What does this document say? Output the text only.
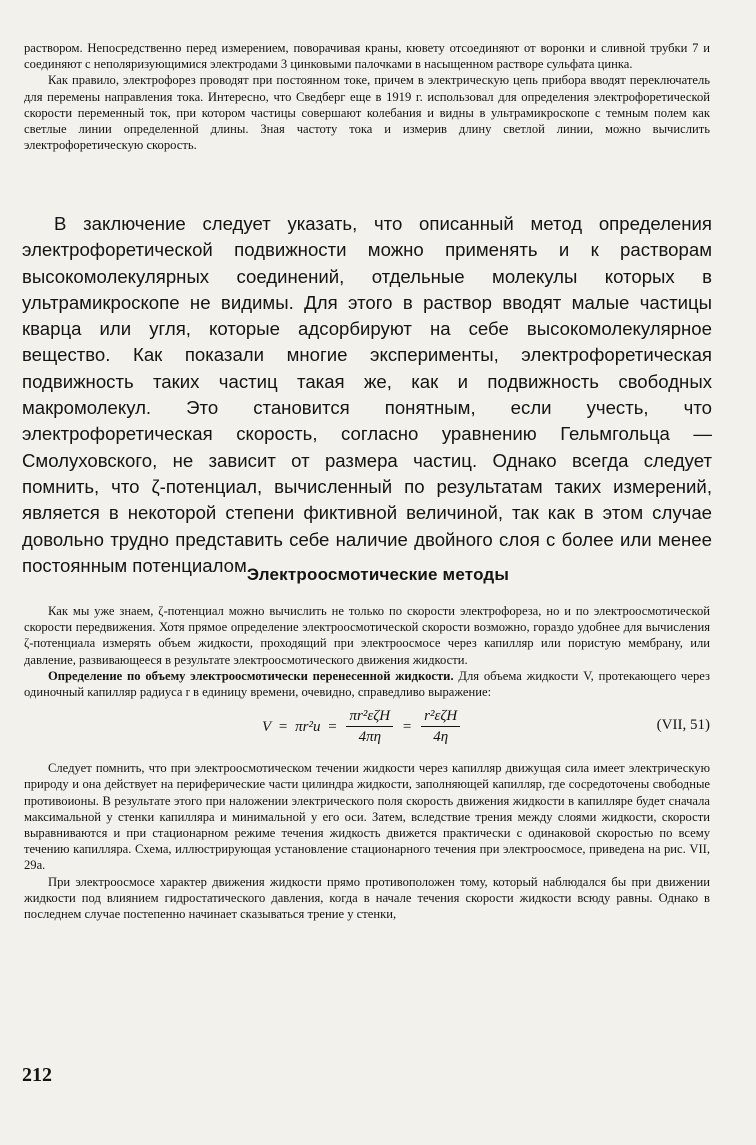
раствором. Непосредственно перед измерением, поворачивая краны, кювету отсоединяют от воронки и сливной трубки 7 и соединяют с неполяризующимися электродами 3 цинковыми палочками в насыщенном растворе сульфата цинка.

Как правило, электрофорез проводят при постоянном токе, причем в электрическую цепь прибора вводят переключатель для перемены направления тока. Интересно, что Сведберг еще в 1919 г. использовал для определения электрофоретической скорости переменный ток, при котором частицы совершают колебания и видны в ультрамикроскопе с темным полем как светлые линии определенной длины. Зная частоту тока и измерив длину светлой линии, можно вычислить электрофоретическую скорость.

В заключение следует указать, что описанный метод определения электрофоретической подвижности можно применять и к растворам высокомолекулярных соединений, отдельные молекулы которых в ультрамикроскопе не видимы. Для этого в раствор вводят малые частицы кварца или угля, которые адсорбируют на себе высокомолекулярное вещество. Как показали многие эксперименты, электрофоретическая подвижность таких частиц такая же, как и подвижность свободных макромолекул. Это становится понятным, если учесть, что электрофоретическая скорость, согласно уравнению Гельмгольца — Смолуховского, не зависит от размера частиц. Однако всегда следует помнить, что ζ-потенциал, вычисленный по результатам таких измерений, является в некоторой степени фиктивной величиной, так как в этом случае довольно трудно представить себе наличие двойного слоя с более или менее постоянным потенциалом.

Электроосмотические методы

Как мы уже знаем, ζ-потенциал можно вычислить не только по скорости электрофореза, но и по электроосмотической скорости передвижения. Хотя прямое определение электроосмотической скорости возможно, гораздо удобнее для вычисления ζ-потенциала измерять объем жидкости, проходящий при электроосмосе через капилляр или пористую мембрану, или давление, развивающееся в результате электроосмотического движения жидкости.

Определение по объему электроосмотически перенесенной жидкости. Для объема жидкости V, протекающего через одиночный капилляр радиуса r в единицу времени, очевидно, справедливо выражение:

$V = \pi r^2u = \frac{\text{πr²εζH}}{4\pi\eta} = \frac{\text{r²εζH}}{4\eta}$	(VII, 51)

Следует помнить, что при электроосмотическом течении жидкости через капилляр движущая сила имеет электрическую природу и она действует на периферические части цилиндра жидкости, заполняющей капилляр, где сосредоточены свободные противоионы. В результате этого при наложении электрического поля скорость движения жидкости в капилляре будет сначала максимальной у стенки капилляра и минимальной у его оси. Затем, вследствие трения между слоями жидкости, скорости выравниваются и при стационарном режиме течения жидкость движется практически с одинаковой скоростью по всему течению капилляра. Схема, иллюстрирующая установление стационарного течения при электроосмосе, приведена на рис. VII, 29а.

При электроосмосе характер движения жидкости прямо противоположен тому, который наблюдался бы при движении жидкости под влиянием гидростатического давления, когда в начале течения скорости жидкости всюду равны. Однако в последнем случае постепенно начинает сказываться трение у стенки,

212
